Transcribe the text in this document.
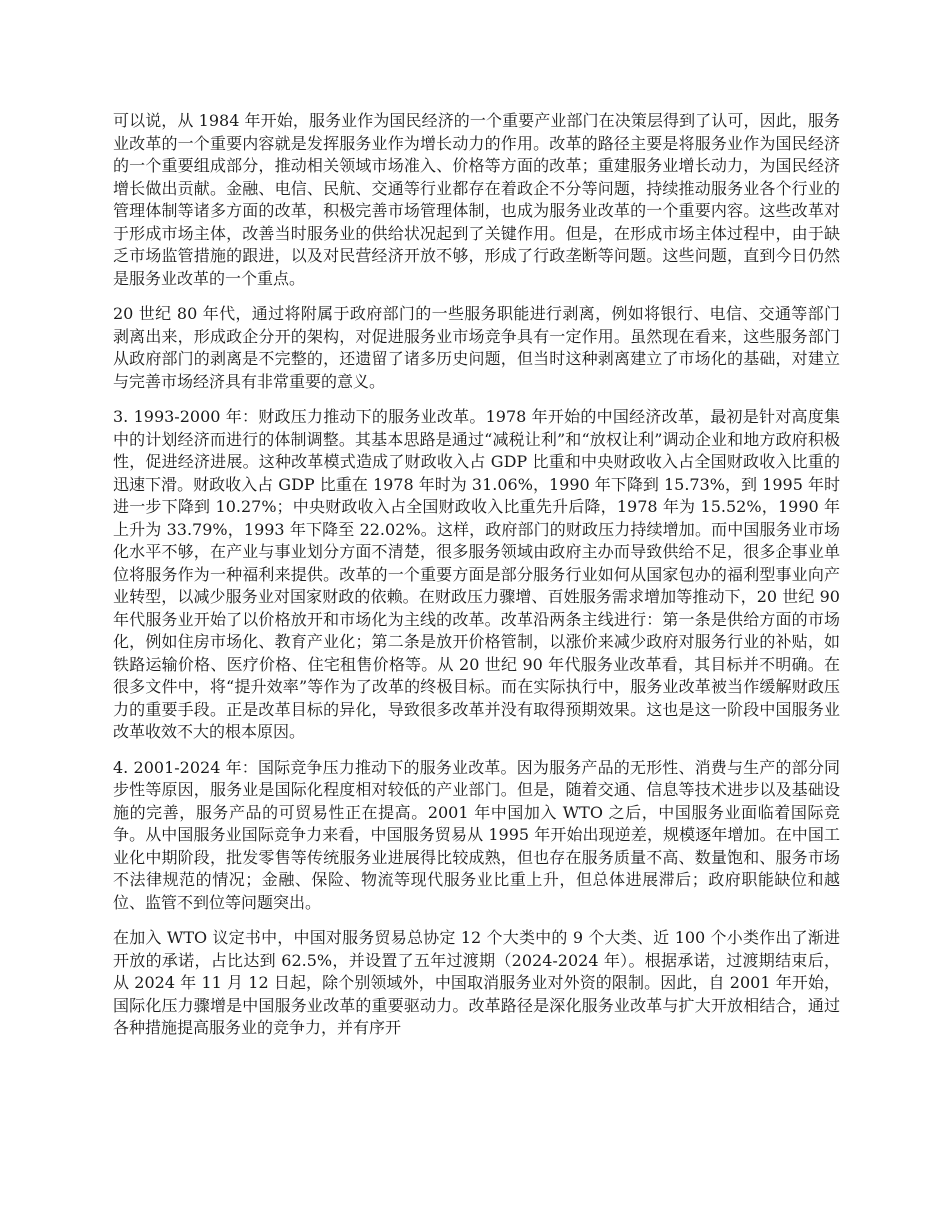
可以说，从 1984 年开始，服务业作为国民经济的一个重要产业部门在决策层得到了认可，因此，服务业改革的一个重要内容就是发挥服务业作为增长动力的作用。改革的路径主要是将服务业作为国民经济的一个重要组成部分，推动相关领域市场准入、价格等方面的改革；重建服务业增长动力，为国民经济增长做出贡献。金融、电信、民航、交通等行业都存在着政企不分等问题，持续推动服务业各个行业的管理体制等诸多方面的改革，积极完善市场管理体制，也成为服务业改革的一个重要内容。这些改革对于形成市场主体，改善当时服务业的供给状况起到了关键作用。但是，在形成市场主体过程中，由于缺乏市场监管措施的跟进，以及对民营经济开放不够，形成了行政垄断等问题。这些问题，直到今日仍然是服务业改革的一个重点。

20 世纪 80 年代，通过将附属于政府部门的一些服务职能进行剥离，例如将银行、电信、交通等部门剥离出来，形成政企分开的架构，对促进服务业市场竞争具有一定作用。虽然现在看来，这些服务部门从政府部门的剥离是不完整的，还遗留了诸多历史问题，但当时这种剥离建立了市场化的基础，对建立与完善市场经济具有非常重要的意义。

3. 1993-2000 年：财政压力推动下的服务业改革。1978 年开始的中国经济改革，最初是针对高度集中的计划经济而进行的体制调整。其基本思路是通过“减税让利”和“放权让利”调动企业和地方政府积极性，促进经济进展。这种改革模式造成了财政收入占 GDP 比重和中央财政收入占全国财政收入比重的迅速下滑。财政收入占 GDP 比重在 1978 年时为 31.06%，1990 年下降到 15.73%，到 1995 年时进一步下降到 10.27%；中央财政收入占全国财政收入比重先升后降，1978 年为 15.52%，1990 年上升为 33.79%，1993 年下降至 22.02%。这样，政府部门的财政压力持续增加。而中国服务业市场化水平不够，在产业与事业划分方面不清楚，很多服务领域由政府主办而导致供给不足，很多企事业单位将服务作为一种福利来提供。改革的一个重要方面是部分服务行业如何从国家包办的福利型事业向产业转型，以减少服务业对国家财政的依赖。在财政压力骤增、百姓服务需求增加等推动下，20 世纪 90 年代服务业开始了以价格放开和市场化为主线的改革。改革沿两条主线进行：第一条是供给方面的市场化，例如住房市场化、教育产业化；第二条是放开价格管制，以涨价来减少政府对服务行业的补贴，如铁路运输价格、医疗价格、住宅租售价格等。从 20 世纪 90 年代服务业改革看，其目标并不明确。在很多文件中，将“提升效率”等作为了改革的终极目标。而在实际执行中，服务业改革被当作缓解财政压力的重要手段。正是改革目标的异化，导致很多改革并没有取得预期效果。这也是这一阶段中国服务业改革收效不大的根本原因。

4. 2001-2024 年：国际竞争压力推动下的服务业改革。因为服务产品的无形性、消费与生产的部分同步性等原因，服务业是国际化程度相对较低的产业部门。但是，随着交通、信息等技术进步以及基础设施的完善，服务产品的可贸易性正在提高。2001 年中国加入 WTO 之后，中国服务业面临着国际竞争。从中国服务业国际竞争力来看，中国服务贸易从 1995 年开始出现逆差，规模逐年增加。在中国工业化中期阶段，批发零售等传统服务业进展得比较成熟，但也存在服务质量不高、数量饱和、服务市场不法律规范的情况；金融、保险、物流等现代服务业比重上升，但总体进展滞后；政府职能缺位和越位、监管不到位等问题突出。

在加入 WTO 议定书中，中国对服务贸易总协定 12 个大类中的 9 个大类、近 100 个小类作出了渐进开放的承诺，占比达到 62.5%，并设置了五年过渡期（2024-2024 年）。根据承诺，过渡期结束后，从 2024 年 11 月 12 日起，除个别领域外，中国取消服务业对外资的限制。因此，自 2001 年开始，国际化压力骤增是中国服务业改革的重要驱动力。改革路径是深化服务业改革与扩大开放相结合，通过各种措施提高服务业的竞争力，并有序开
